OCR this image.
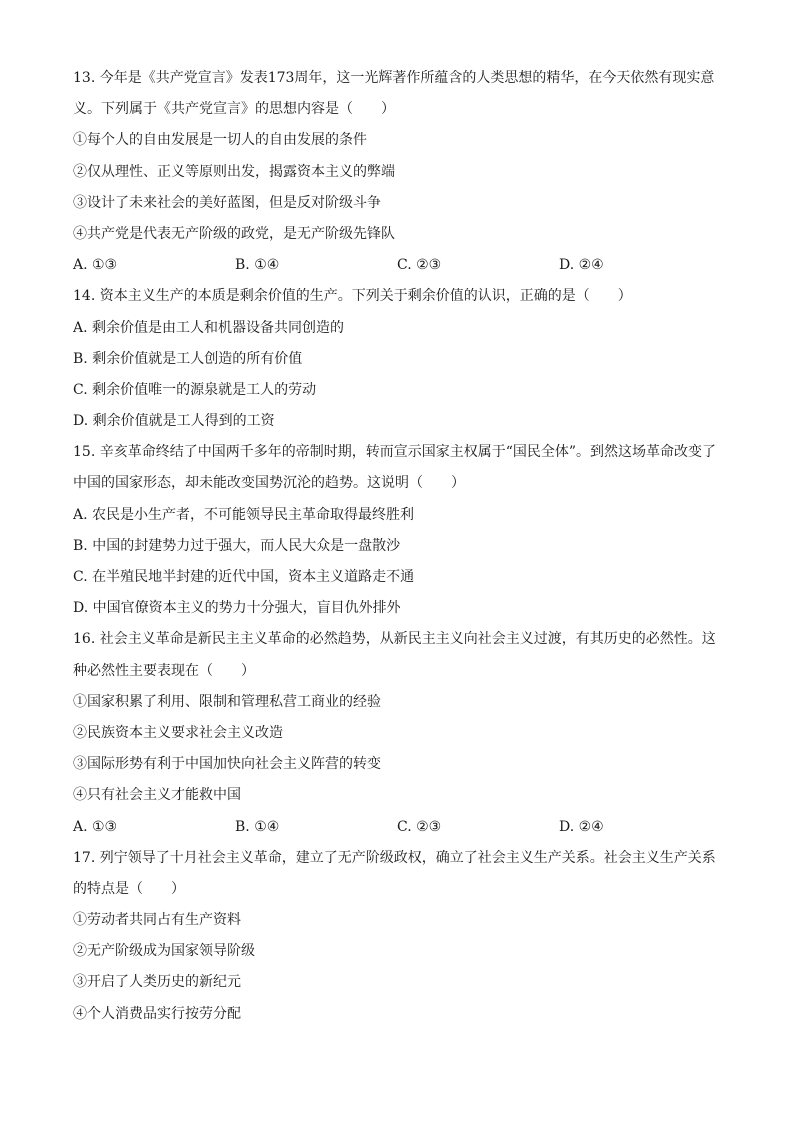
13. 今年是《共产党宣言》发表173周年，这一光辉著作所蕴含的人类思想的精华，在今天依然有现实意
义。下列属于《共产党宣言》的思想内容是（　　）
①每个人的自由发展是一切人的自由发展的条件
②仅从理性、正义等原则出发，揭露资本主义的弊端
③设计了未来社会的美好蓝图，但是反对阶级斗争
④共产党是代表无产阶级的政党，是无产阶级先锋队
A. ①③	B. ①④	C. ②③	D. ②④
14. 资本主义生产的本质是剩余价值的生产。下列关于剩余价值的认识，正确的是（　　）
A. 剩余价值是由工人和机器设备共同创造的
B. 剩余价值就是工人创造的所有价值
C. 剩余价值唯一的源泉就是工人的劳动
D. 剩余价值就是工人得到的工资
15. 辛亥革命终结了中国两千多年的帝制时期，转而宣示国家主权属于“国民全体”。到然这场革命改变了
中国的国家形态，却未能改变国势沉沦的趋势。这说明（　　）
A. 农民是小生产者，不可能领导民主革命取得最终胜利
B. 中国的封建势力过于强大，而人民大众是一盘散沙
C. 在半殖民地半封建的近代中国，资本主义道路走不通
D. 中国官僚资本主义的势力十分强大，盲目仇外排外
16. 社会主义革命是新民主主义革命的必然趋势，从新民主主义向社会主义过渡，有其历史的必然性。这
种必然性主要表现在（　　）
①国家积累了利用、限制和管理私营工商业的经验
②民族资本主义要求社会主义改造
③国际形势有利于中国加快向社会主义阵营的转变
④只有社会主义才能救中国
A. ①③	B. ①④	C. ②③	D. ②④
17. 列宁领导了十月社会主义革命，建立了无产阶级政权，确立了社会主义生产关系。社会主义生产关系
的特点是（　　）
①劳动者共同占有生产资料
②无产阶级成为国家领导阶级
③开启了人类历史的新纪元
④个人消费品实行按劳分配
